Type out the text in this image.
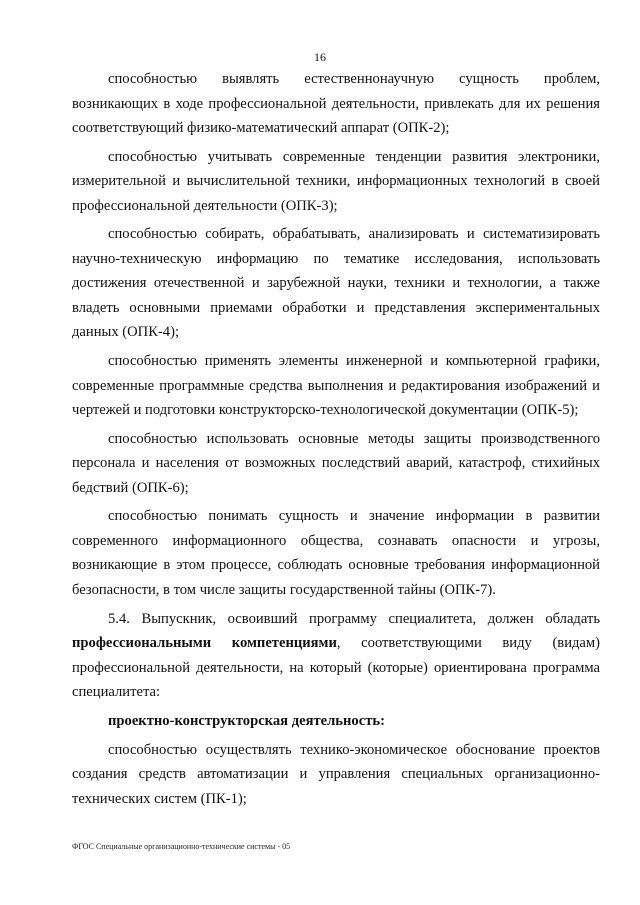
16

способностью выявлять естественнонаучную сущность проблем, возникающих в ходе профессиональной деятельности, привлекать для их решения соответствующий физико-математический аппарат (ОПК-2);

способностью учитывать современные тенденции развития электроники, измерительной и вычислительной техники, информационных технологий в своей профессиональной деятельности (ОПК-3);

способностью собирать, обрабатывать, анализировать и систематизировать научно-техническую информацию по тематике исследования, использовать достижения отечественной и зарубежной науки, техники и технологии, а также владеть основными приемами обработки и представления экспериментальных данных (ОПК-4);

способностью применять элементы инженерной и компьютерной графики, современные программные средства выполнения и редактирования изображений и чертежей и подготовки конструкторско-технологической документации (ОПК-5);

способностью использовать основные методы защиты производственного персонала и населения от возможных последствий аварий, катастроф, стихийных бедствий (ОПК-6);

способностью понимать сущность и значение информации в развитии современного информационного общества, сознавать опасности и угрозы, возникающие в этом процессе, соблюдать основные требования информационной безопасности, в том числе защиты государственной тайны (ОПК-7).

5.4. Выпускник, освоивший программу специалитета, должен обладать профессиональными компетенциями, соответствующими виду (видам) профессиональной деятельности, на который (которые) ориентирована программа специалитета:

проектно-конструкторская деятельность:

способностью осуществлять технико-экономическое обоснование проектов создания средств автоматизации и управления специальных организационно-технических систем (ПК-1);

ФГОС Специальные организационно-технические системы - 05
